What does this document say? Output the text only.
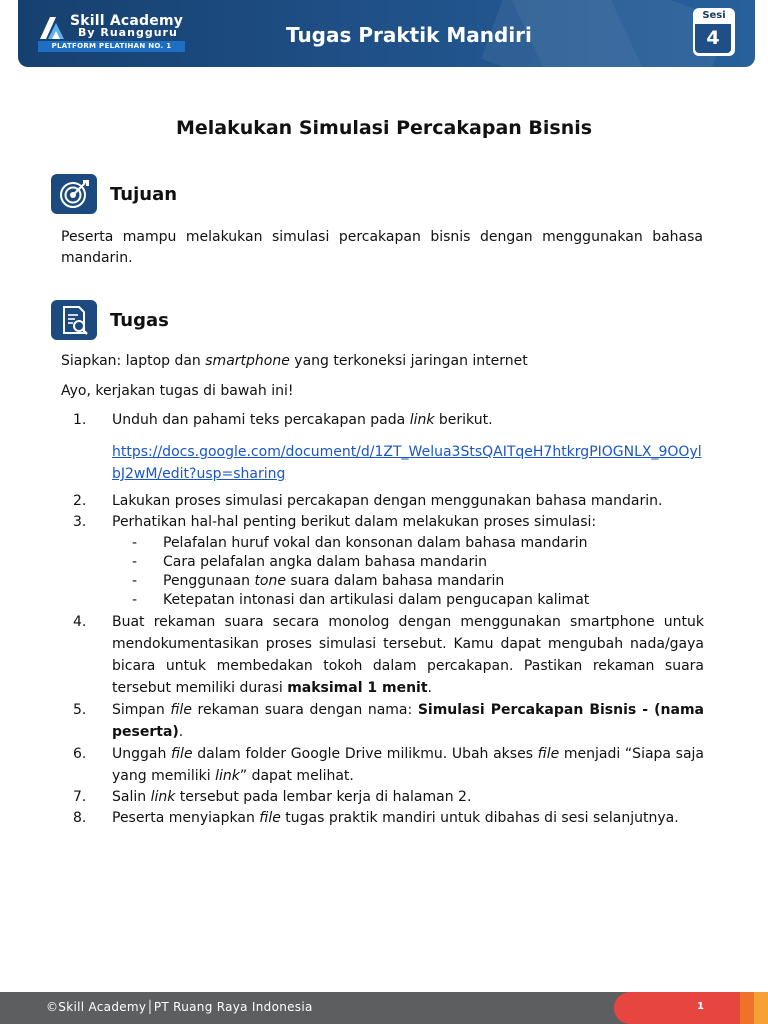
Skill Academy
By Ruangguru
PLATFORM PELATIHAN NO. 1	Tugas Praktik Mandiri
Sesi
4
Melakukan Simulasi Percakapan Bisnis
Tujuan
Peserta mampu melakukan simulasi percakapan bisnis dengan menggunakan bahasa mandarin.
Tugas
Siapkan: laptop dan smartphone yang terkoneksi jaringan internet
Ayo, kerjakan tugas di bawah ini!
1. Unduh dan pahami teks percakapan pada link berikut.
https://docs.google.com/document/d/1ZT_Welua3StsQAITqeH7htkrgPIOGNLX_9OOylbJ2wM/edit?usp=sharing
2. Lakukan proses simulasi percakapan dengan menggunakan bahasa mandarin.
3. Perhatikan hal-hal penting berikut dalam melakukan proses simulasi:
- Pelafalan huruf vokal dan konsonan dalam bahasa mandarin
- Cara pelafalan angka dalam bahasa mandarin
- Penggunaan tone suara dalam bahasa mandarin
- Ketepatan intonasi dan artikulasi dalam pengucapan kalimat
4. Buat rekaman suara secara monolog dengan menggunakan smartphone untuk mendokumentasikan proses simulasi tersebut. Kamu dapat mengubah nada/gaya bicara untuk membedakan tokoh dalam percakapan. Pastikan rekaman suara tersebut memiliki durasi maksimal 1 menit.
5. Simpan file rekaman suara dengan nama: Simulasi Percakapan Bisnis - (nama peserta).
6. Unggah file dalam folder Google Drive milikmu. Ubah akses file menjadi “Siapa saja yang memiliki link” dapat melihat.
7. Salin link tersebut pada lembar kerja di halaman 2.
8. Peserta menyiapkan file tugas praktik mandiri untuk dibahas di sesi selanjutnya.
©Skill Academy│PT Ruang Raya Indonesia	1
